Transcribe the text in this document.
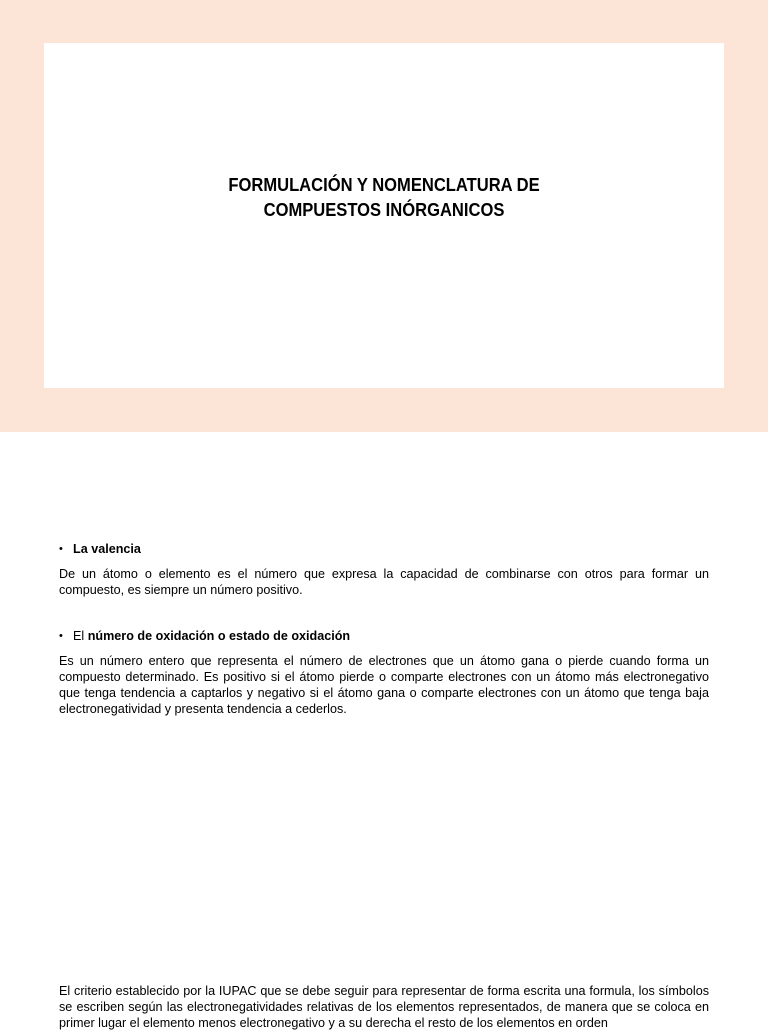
FORMULACIÓN Y NOMENCLATURA DE
COMPUESTOS INÓRGANICOS
• La valencia

De un átomo o elemento es el número que expresa la capacidad de combinarse con otros para formar un compuesto, es siempre un número positivo.

• El número de oxidación o estado de oxidación

Es un número entero que representa el número de electrones que un átomo gana o pierde cuando forma un compuesto determinado. Es positivo si el átomo pierde o comparte electrones con un átomo más electronegativo que tenga tendencia a captarlos y negativo si el átomo gana o comparte electrones con un átomo que tenga baja electronegatividad y presenta tendencia a cederlos.

El criterio establecido por la IUPAC que se debe seguir para representar de forma escrita una formula, los símbolos se escriben según las electronegatividades relativas de los elementos representados, de manera que se coloca en primer lugar el elemento menos electronegativo y a su derecha el resto de los elementos en orden
